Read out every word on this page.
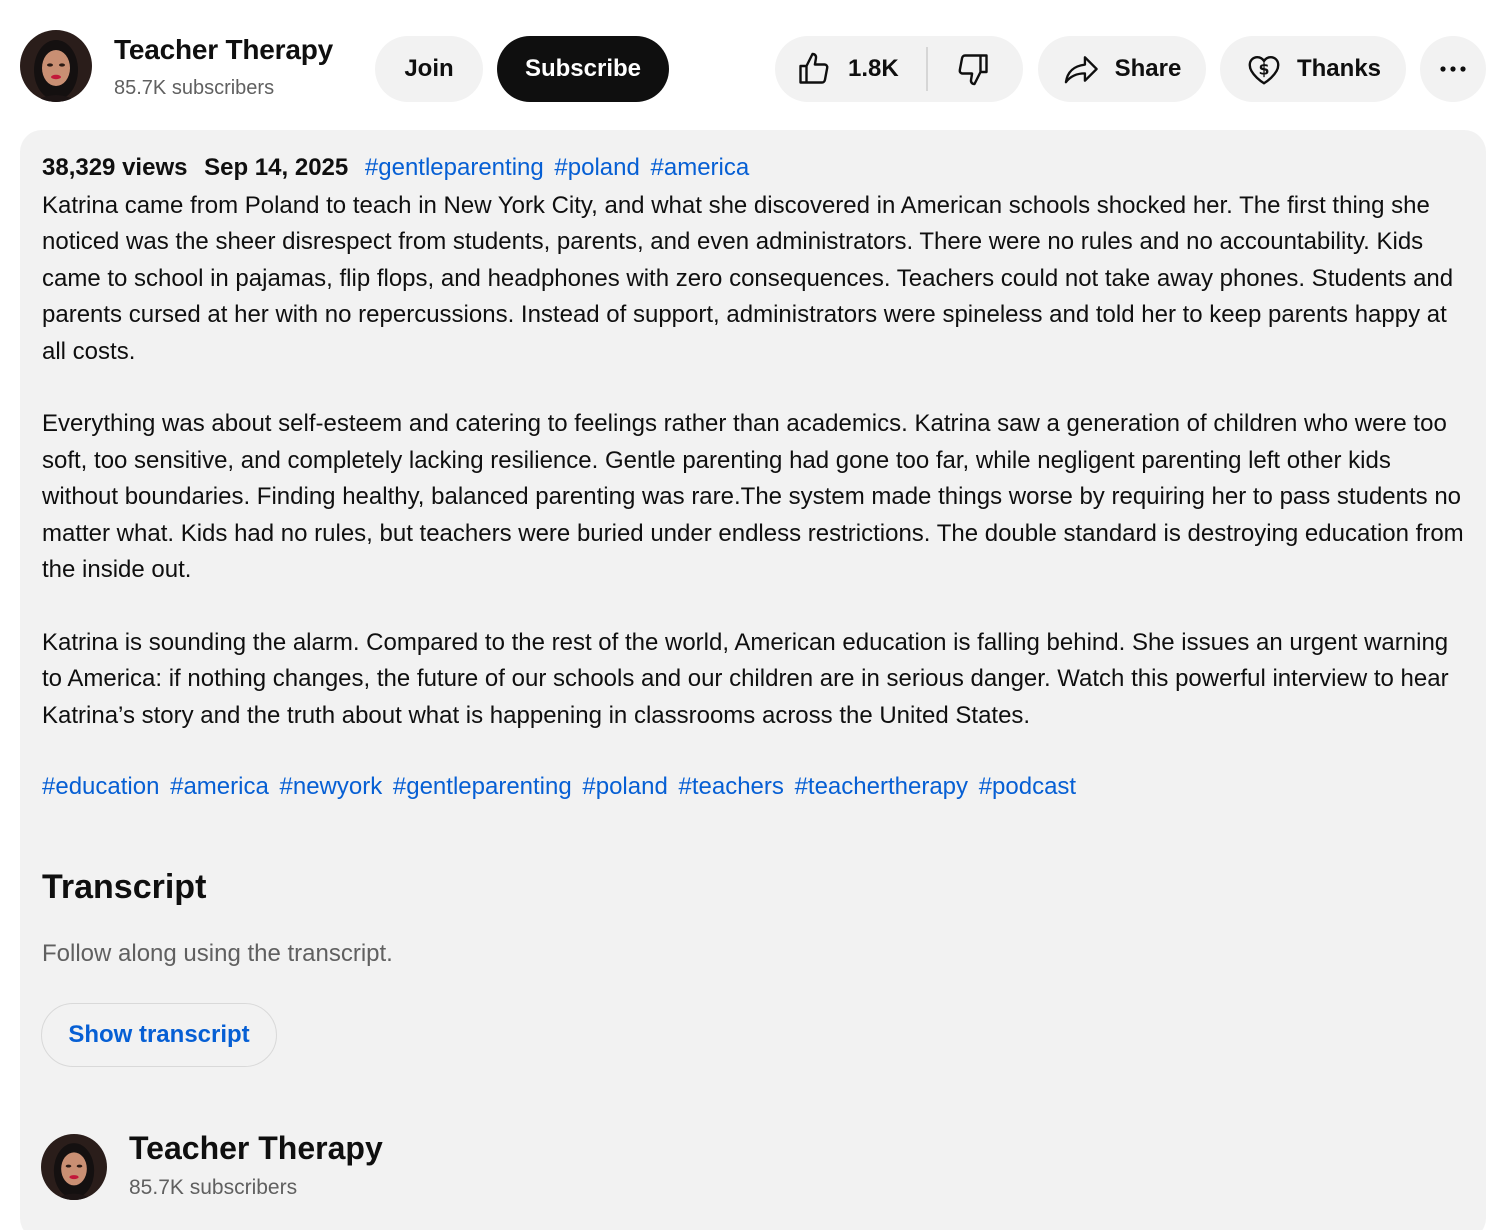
Teacher Therapy
85.7K subscribers
Join	Subscribe	1.8K	Share	$ Thanks
38,329 views Sep 14, 2025 #gentleparenting #poland #america

Katrina came from Poland to teach in New York City, and what she discovered in American schools shocked her. The first thing she noticed was the sheer disrespect from students, parents, and even administrators. There were no rules and no accountability. Kids came to school in pajamas, flip flops, and headphones with zero consequences. Teachers could not take away phones. Students and parents cursed at her with no repercussions. Instead of support, administrators were spineless and told her to keep parents happy at all costs.

Everything was about self-esteem and catering to feelings rather than academics. Katrina saw a generation of children who were too soft, too sensitive, and completely lacking resilience. Gentle parenting had gone too far, while negligent parenting left other kids without boundaries. Finding healthy, balanced parenting was rare.The system made things worse by requiring her to pass students no matter what. Kids had no rules, but teachers were buried under endless restrictions. The double standard is destroying education from the inside out.

Katrina is sounding the alarm. Compared to the rest of the world, American education is falling behind. She issues an urgent warning to America: if nothing changes, the future of our schools and our children are in serious danger. Watch this powerful interview to hear Katrina’s story and the truth about what is happening in classrooms across the United States.

#education #america #newyork #gentleparenting #poland #teachers #teachertherapy #podcast
Transcript
Follow along using the transcript.
Show transcript
Teacher Therapy
85.7K subscribers
